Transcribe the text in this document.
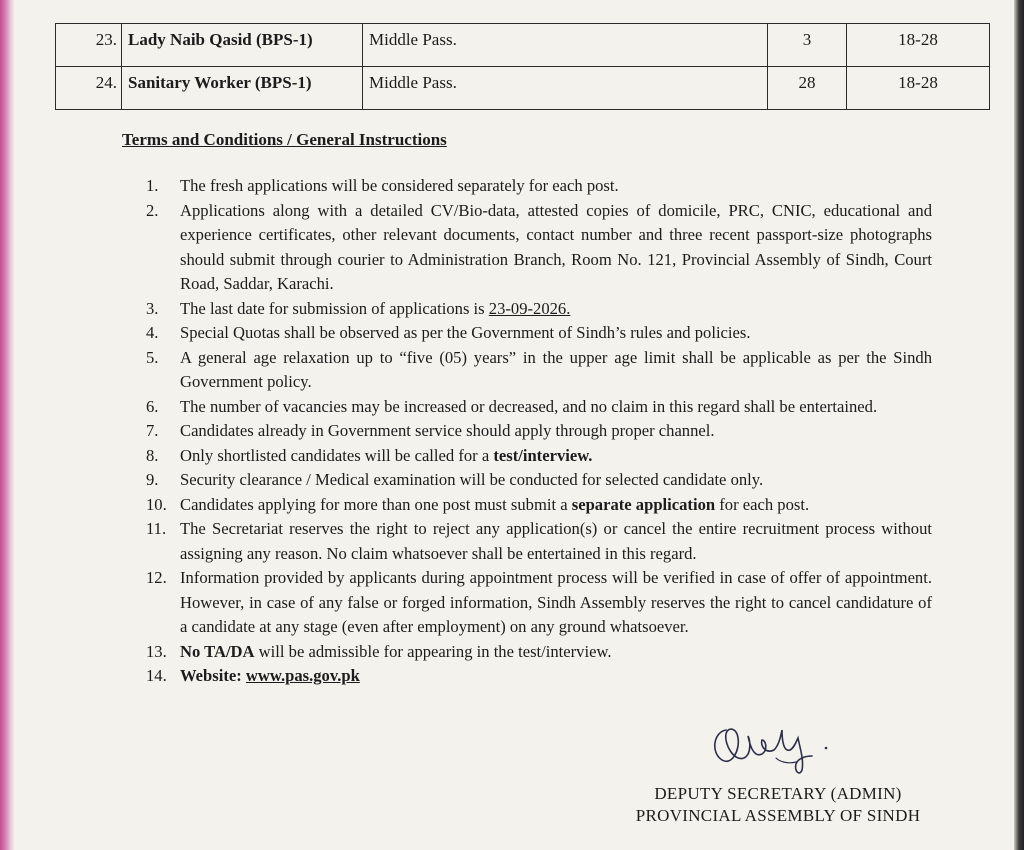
23.	Lady Naib Qasid (BPS-1)	Middle Pass.	3	18-28
24.	Sanitary Worker (BPS-1)	Middle Pass.	28	18-28
Terms and Conditions / General Instructions
1.	The fresh applications will be considered separately for each post.
2.	Applications along with a detailed CV/Bio-data, attested copies of domicile, PRC, CNIC, educational and experience certificates, other relevant documents, contact number and three recent passport-size photographs should submit through courier to Administration Branch, Room No. 121, Provincial Assembly of Sindh, Court Road, Saddar, Karachi.
3.	The last date for submission of applications is 23-09-2026.
4.	Special Quotas shall be observed as per the Government of Sindh’s rules and policies.
5.	A general age relaxation up to “five (05) years” in the upper age limit shall be applicable as per the Sindh Government policy.
6.	The number of vacancies may be increased or decreased, and no claim in this regard shall be entertained.
7.	Candidates already in Government service should apply through proper channel.
8.	Only shortlisted candidates will be called for a test/interview.
9.	Security clearance / Medical examination will be conducted for selected candidate only.
10. Candidates applying for more than one post must submit a separate application for each post.
11. The Secretariat reserves the right to reject any application(s) or cancel the entire recruitment process without assigning any reason. No claim whatsoever shall be entertained in this regard.
12. Information provided by applicants during appointment process will be verified in case of offer of appointment. However, in case of any false or forged information, Sindh Assembly reserves the right to cancel candidature of a candidate at any stage (even after employment) on any ground whatsoever.
13. No TA/DA will be admissible for appearing in the test/interview.
14. Website: www.pas.gov.pk
DEPUTY SECRETARY (ADMIN)
PROVINCIAL ASSEMBLY OF SINDH
